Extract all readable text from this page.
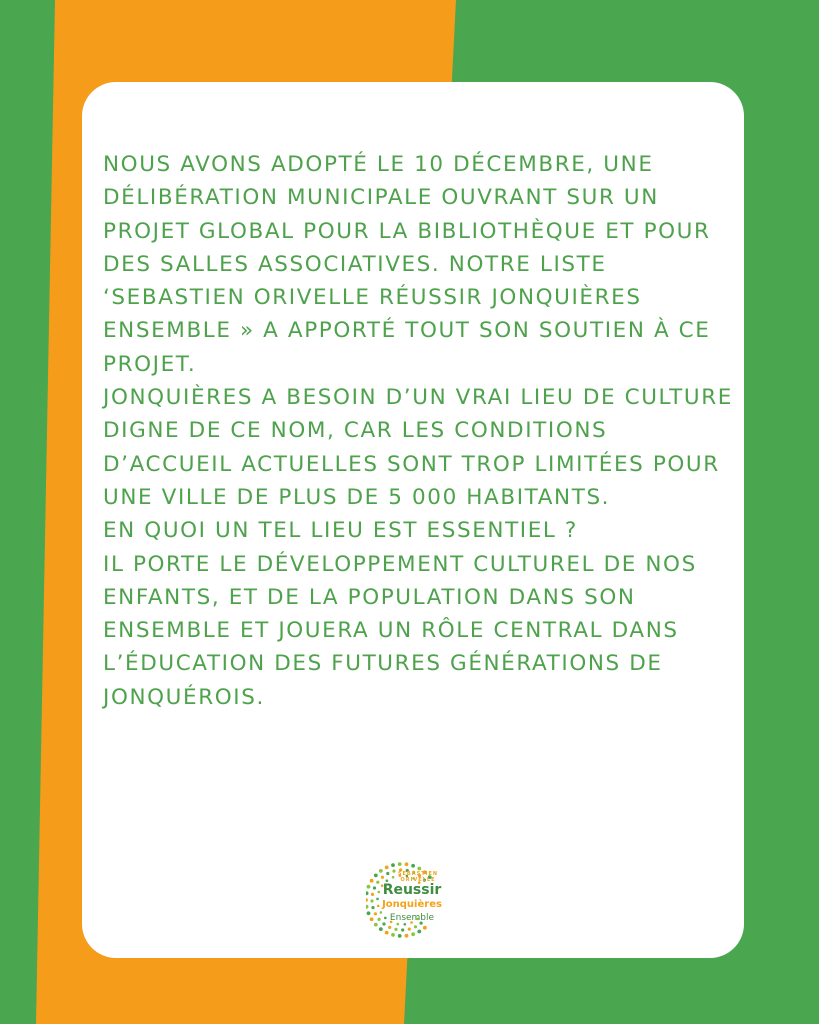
NOUS AVONS ADOPTÉ LE 10 DÉCEMBRE, UNE DÉLIBÉRATION MUNICIPALE OUVRANT SUR UN PROJET GLOBAL POUR LA BIBLIOTHÈQUE ET POUR DES SALLES ASSOCIATIVES. NOTRE LISTE ‘SEBASTIEN ORIVELLE RÉUSSIR JONQUIÈRES ENSEMBLE » A APPORTÉ TOUT SON SOUTIEN À CE PROJET.

JONQUIÈRES A BESOIN D’UN VRAI LIEU DE CULTURE DIGNE DE CE NOM, CAR LES CONDITIONS D’ACCUEIL ACTUELLES SONT TROP LIMITÉES POUR UNE VILLE DE PLUS DE 5 000 HABITANTS.

EN QUOI UN TEL LIEU EST ESSENTIEL ?

IL PORTE LE DÉVELOPPEMENT CULTUREL DE NOS ENFANTS, ET DE LA POPULATION DANS SON ENSEMBLE ET JOUERA UN RÔLE CENTRAL DANS L’ÉDUCATION DES FUTURES GÉNÉRATIONS DE JONQUÉROIS.

SEBASTIEN
ORIVELLE
Reussir
Jonquières
Ensemble
